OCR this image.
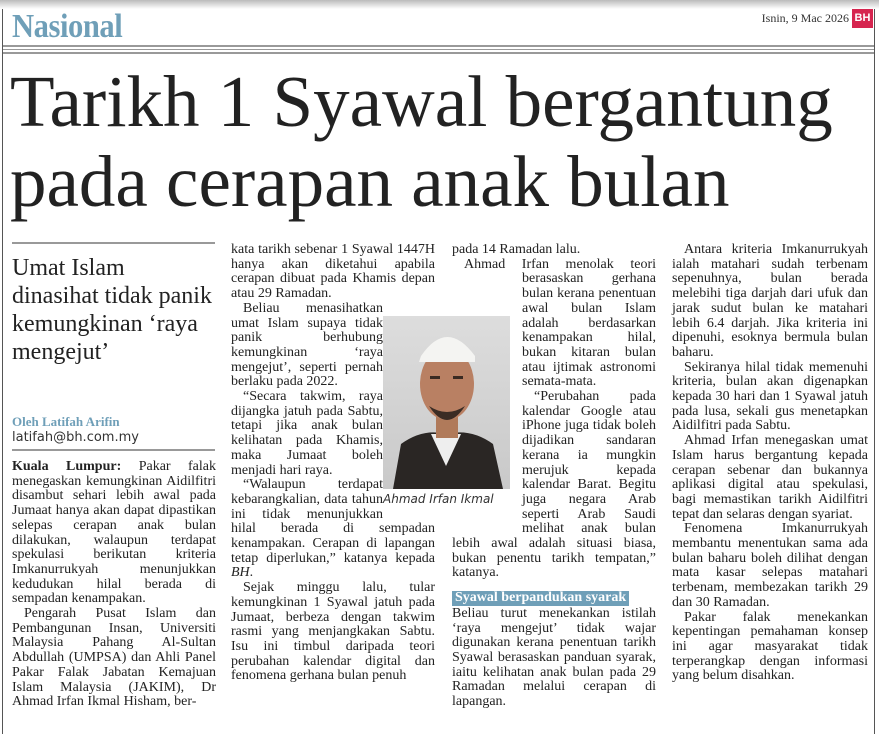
Nasional	Isnin, 9 Mac 2026 BH
Tarikh 1 Syawal bergantung pada cerapan anak bulan
Umat Islam dinasihat tidak panik kemungkinan ‘raya mengejut’
Oleh Latifah Arifin
latifah@bh.com.my

Kuala Lumpur: Pakar falak menegaskan kemungkinan Aidilfitri disambut sehari lebih awal pada Jumaat hanya akan dapat dipastikan selepas cerapan anak bulan dilakukan, walaupun terdapat spekulasi berikutan kriteria Imkanurrukyah menunjukkan kedudukan hilal berada di sempadan kenampakan.

Pengarah Pusat Islam dan Pembangunan Insan, Universiti Malaysia Pahang Al-Sultan Abdullah (UMPSA) dan Ahli Panel Pakar Falak Jabatan Kemajuan Islam Malaysia (JAKIM), Dr Ahmad Irfan Ikmal Hisham, ber-

kata tarikh sebenar 1 Syawal 1447H hanya akan diketahui apabila cerapan dibuat pada Khamis depan atau 29 Ramadan.

Beliau menasihatkan umat Islam supaya tidak panik berhubung kemungkinan ‘raya mengejut’, seperti pernah berlaku pada 2022.

“Secara takwim, raya dijangka jatuh pada Sabtu, tetapi jika anak bulan kelihatan pada Khamis, maka Jumaat boleh menjadi hari raya.

“Walaupun terdapat kebarangkalian, data tahun ini tidak menunjukkan hilal berada di sempadan kenampakan. Cerapan di lapangan tetap diperlukan,” katanya kepada BH.

Sejak minggu lalu, tular kemungkinan 1 Syawal jatuh pada Jumaat, berbeza dengan takwim rasmi yang menjangkakan Sabtu. Isu ini timbul daripada teori perubahan kalendar digital dan fenomena gerhana bulan penuh

Ahmad Irfan Ikmal

pada 14 Ramadan lalu.

Ahmad Irfan menolak teori berasaskan gerhana bulan kerana penentuan awal bulan Islam adalah berdasarkan kenampakan hilal, bukan kitaran bulan atau ijtimak astronomi semata-mata.

“Perubahan pada kalendar Google atau iPhone juga tidak boleh dijadikan sandaran kerana ia mungkin merujuk kepada kalendar Barat. Begitu juga negara Arab seperti Arab Saudi melihat anak bulan lebih awal adalah situasi biasa, bukan penentu tarikh tempatan,” katanya.

Syawal berpandukan syarak

Beliau turut menekankan istilah ‘raya mengejut’ tidak wajar digunakan kerana penentuan tarikh Syawal berasaskan panduan syarak, iaitu kelihatan anak bulan pada 29 Ramadan melalui cerapan di lapangan.

Antara kriteria Imkanurrukyah ialah matahari sudah terbenam sepenuhnya, bulan berada melebihi tiga darjah dari ufuk dan jarak sudut bulan ke matahari lebih 6.4 darjah. Jika kriteria ini dipenuhi, esoknya bermula bulan baharu.

Sekiranya hilal tidak memenuhi kriteria, bulan akan digenapkan kepada 30 hari dan 1 Syawal jatuh pada lusa, sekali gus menetapkan Aidilfitri pada Sabtu.

Ahmad Irfan menegaskan umat Islam harus bergantung kepada cerapan sebenar dan bukannya aplikasi digital atau spekulasi, bagi memastikan tarikh Aidilfitri tepat dan selaras dengan syariat.

Fenomena Imkanurrukyah membantu menentukan sama ada bulan baharu boleh dilihat dengan mata kasar selepas matahari terbenam, membezakan tarikh 29 dan 30 Ramadan.

Pakar falak menekankan kepentingan pemahaman konsep ini agar masyarakat tidak terperangkap dengan informasi yang belum disahkan.
